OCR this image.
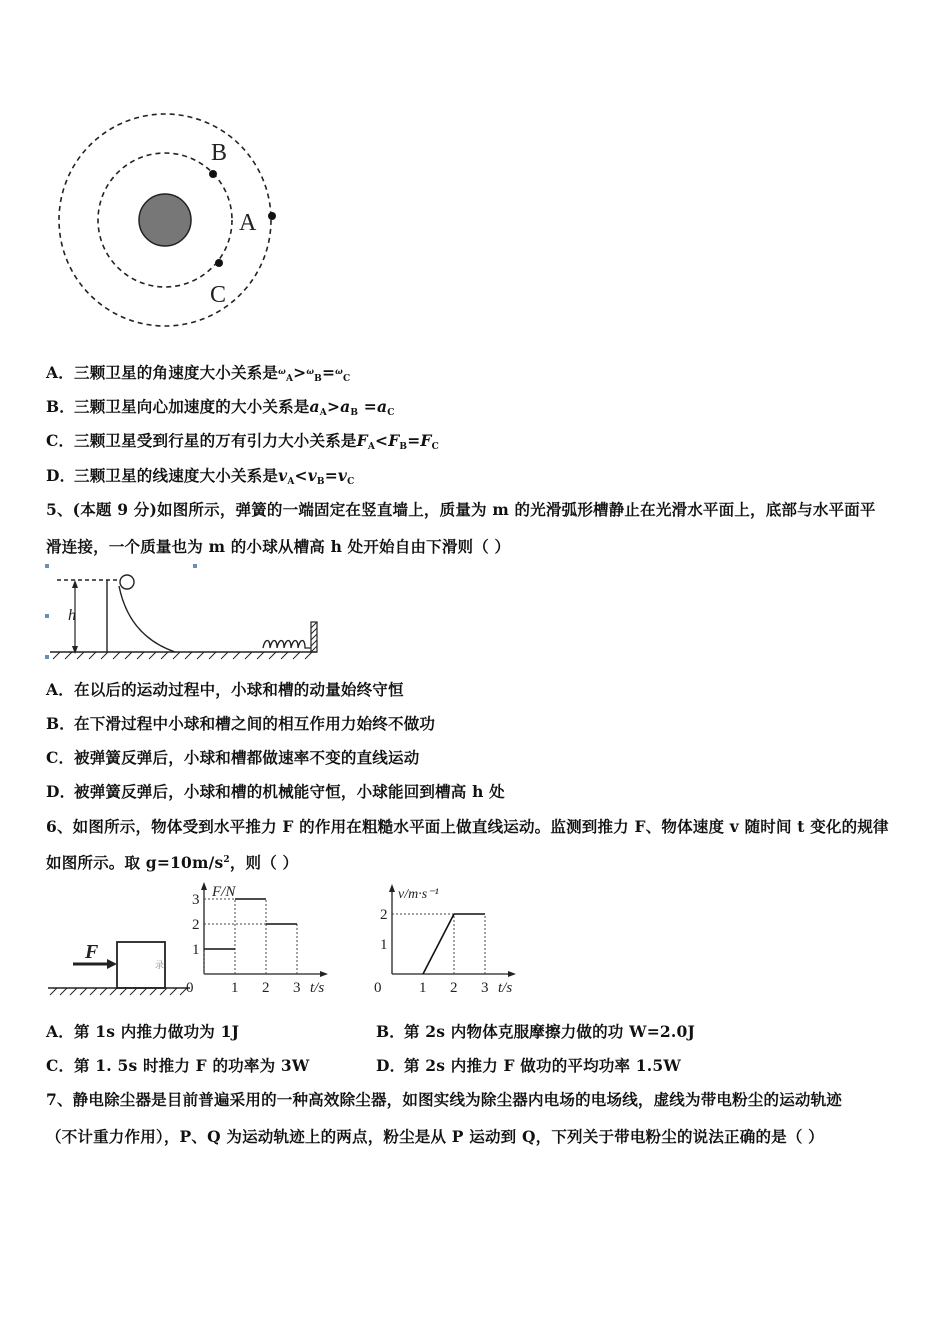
B
A
C
A．三颗卫星的角速度大小关系是$^\omega_A$>$^\omega_B$=$^\omega_C$
B．三颗卫星向心加速度的大小关系是$a_A>a_B =a_C$
C．三颗卫星受到行星的万有引力大小关系是$F_A<F_B=F_C$
D．三颗卫星的线速度大小关系是$v_A<v_B=v_C$
5、(本题 9 分)如图所示，弹簧的一端固定在竖直墙上，质量为 m 的光滑弧形槽静止在光滑水平面上，底部与水平面平
滑连接，一个质量也为 m 的小球从槽高 h 处开始自由下滑则（ ）
h
A．在以后的运动过程中，小球和槽的动量始终守恒
B．在下滑过程中小球和槽之间的相互作用力始终不做功
C．被弹簧反弹后，小球和槽都做速率不变的直线运动
D．被弹簧反弹后，小球和槽的机械能守恒，小球能回到槽高 h 处
6、如图所示，物体受到水平推力 F 的作用在粗糙水平面上做直线运动。监测到推力 F、物体速度 v 随时间 t 变化的规律
如图所示。取 $g=10m/s^2$，则（ ）
F
录
F/N
t/s
1
2
3
0	1 2 3
v/m·s⁻¹
t/s
1
2
0	1 2 3
A．第 1s 内推力做功为 1J	B．第 2s 内物体克服摩擦力做的功 W=2.0J
C．第 1. 5s 时推力 F 的功率为 3W	D．第 2s 内推力 F 做功的平均功率 1.5W
7、静电除尘器是目前普遍采用的一种高效除尘器，如图实线为除尘器内电场的电场线，虚线为带电粉尘的运动轨迹
（不计重力作用），P、Q 为运动轨迹上的两点，粉尘是从 P 运动到 Q，下列关于带电粉尘的说法正确的是（ ）
